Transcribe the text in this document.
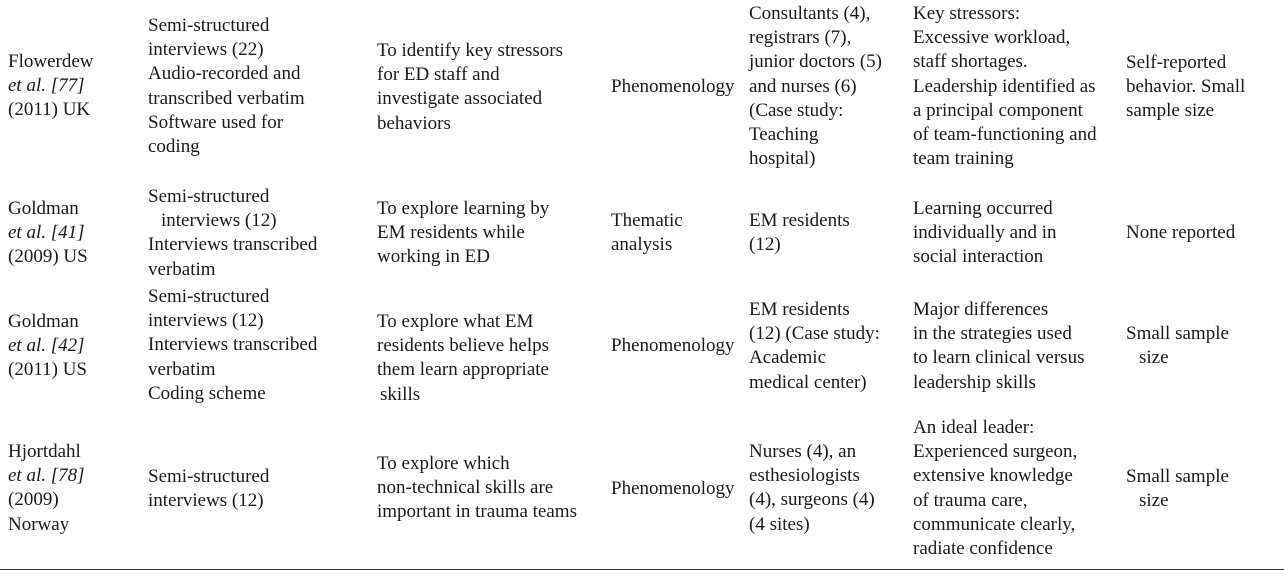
Flowerdew
et al. [77]
(2011) UK
Semi-structured
interviews (22)
Audio-recorded and
transcribed verbatim
Software used for
coding
To identify key stressors
for ED staff and
investigate associated
behaviors
Phenomenology
Consultants (4),
registrars (7),
junior doctors (5)
and nurses (6)
(Case study:
Teaching
hospital)
Key stressors:
Excessive workload,
staff shortages.
Leadership identified as
a principal component
of team-functioning and
team training
Self-reported
behavior. Small
sample size
Goldman
et al. [41]
(2009) US
Semi-structured
interviews (12)
Interviews transcribed
verbatim
To explore learning by
EM residents while
working in ED
Thematic
analysis
EM residents
(12)
Learning occurred
individually and in
social interaction
None reported
Goldman
et al. [42]
(2011) US
Semi-structured
interviews (12)
Interviews transcribed
verbatim
Coding scheme
To explore what EM
residents believe helps
them learn appropriate
skills
Phenomenology
EM residents
(12) (Case study:
Academic
medical center)
Major differences
in the strategies used
to learn clinical versus
leadership skills
Small sample
size
Hjortdahl
et al. [78]
(2009)
Norway
Semi-structured
interviews (12)
To explore which
non-technical skills are
important in trauma teams
Phenomenology
Nurses (4), an
esthesiologists
(4), surgeons (4)
(4 sites)
An ideal leader:
Experienced surgeon,
extensive knowledge
of trauma care,
communicate clearly,
radiate confidence
Small sample
size
